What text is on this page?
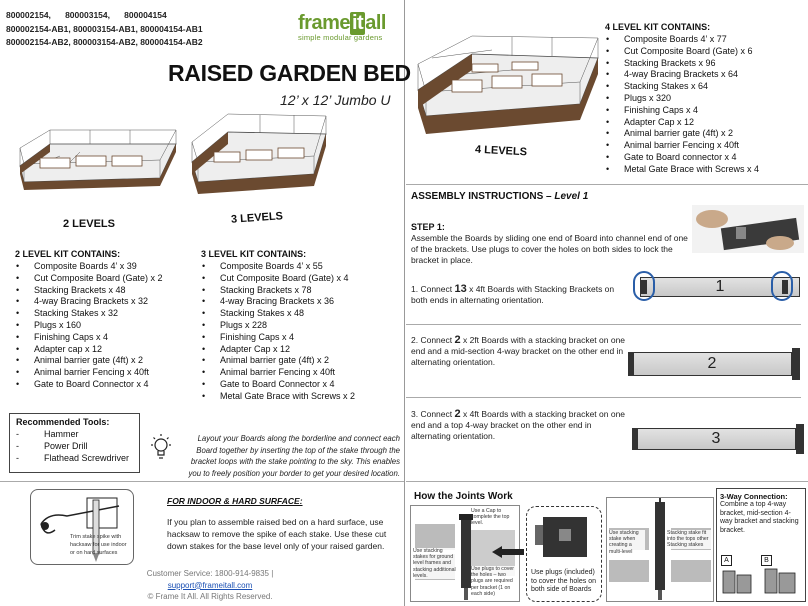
800002154,      800003154,      800004154
800002154-AB1, 800003154-AB1, 800004154-AB1
800002154-AB2, 800003154-AB2, 800004154-AB2
frame it all
simple modular gardens
RAISED GARDEN BED
12’ x 12’ Jumbo U
2 LEVELS	3 LEVELS
2 LEVEL KIT CONTAINS:
• Composite Boards 4’ x 39
• Cut Composite Board (Gate) x 2
• Stacking Brackets x 48
• 4-way Bracing Brackets x 32
• Stacking Stakes x 32
• Plugs x 160
• Finishing Caps x 4
• Adapter cap x 12
• Animal barrier gate (4ft) x 2
• Animal barrier Fencing x 40ft
• Gate to Board Connector x 4
3 LEVEL KIT CONTAINS:
• Composite Boards 4’ x 55
• Cut Composite Board (Gate) x 4
• Stacking Brackets x 78
• 4-way Bracing Brackets x 36
• Stacking Stakes x 48
• Plugs x 228
• Finishing Caps x 4
• Adapter Cap x 12
• Animal barrier gate (4ft) x 2
• Animal barrier Fencing x 40ft
• Gate to Board Connector x 4
• Metal Gate Brace with Screws x 2
Recommended Tools:
- Hammer
- Power Drill
- Flathead Screwdriver
Layout your Boards along the borderline and connect each Board together by inserting the top of the stake through the bracket loops with the stake pointing to the sky. This enables you to freely position your border to get your desired location.
Trim stake spike with hacksaw for use indoor or on hard surfaces
FOR INDOOR & HARD SURFACE:
If you plan to assemble raised bed on a hard surface, use hacksaw to remove the spike of each stake. Use these cut down stakes for the base level only of your raised garden.
Customer Service: 1800-914-9835 |
support@frameitall.com
© Frame It All. All Rights Reserved.
4 LEVELS
4 LEVEL KIT CONTAINS:
• Composite Boards 4’ x 77
• Cut Composite Board (Gate) x 6
• Stacking Brackets x 96
• 4-way Bracing Brackets x 64
• Stacking Stakes x 64
• Plugs x 320
• Finishing Caps x 4
• Adapter Cap x 12
• Animal barrier gate (4ft) x 2
• Animal barrier Fencing x 40ft
• Gate to Board connector x 4
• Metal Gate Brace with Screws x 4
ASSEMBLY INSTRUCTIONS – Level 1
STEP 1:
Assemble the Boards by sliding one end of Board into channel end of one of the brackets. Use plugs to cover the holes on both sides to lock the bracket in place.
1. Connect 13 x 4ft Boards with Stacking Brackets on both ends in alternating orientation.
1
2. Connect 2 x 2ft Boards with a stacking bracket on one end and a mid-section 4-way bracket on the other end in alternating orientation.	2
3. Connect 2 x 4ft Boards with a stacking bracket on one end and a top 4-way bracket on the other end in alternating orientation.	3
How the Joints Work
Use a Cap to complete the top level.
Use stacking stakes for ground level frames and stacking additional levels.
Use plugs to cover the holes – two plugs are required per bracket (1 on each side)
Use plugs (included) to cover the holes on both side of Boards
Use stacking stake when creating a multi-level
Stacking stake fit into the tops other Stacking stakes
3-Way Connection:
Combine a top 4-way bracket, mid-section 4-way bracket and stacking bracket.
A	B
